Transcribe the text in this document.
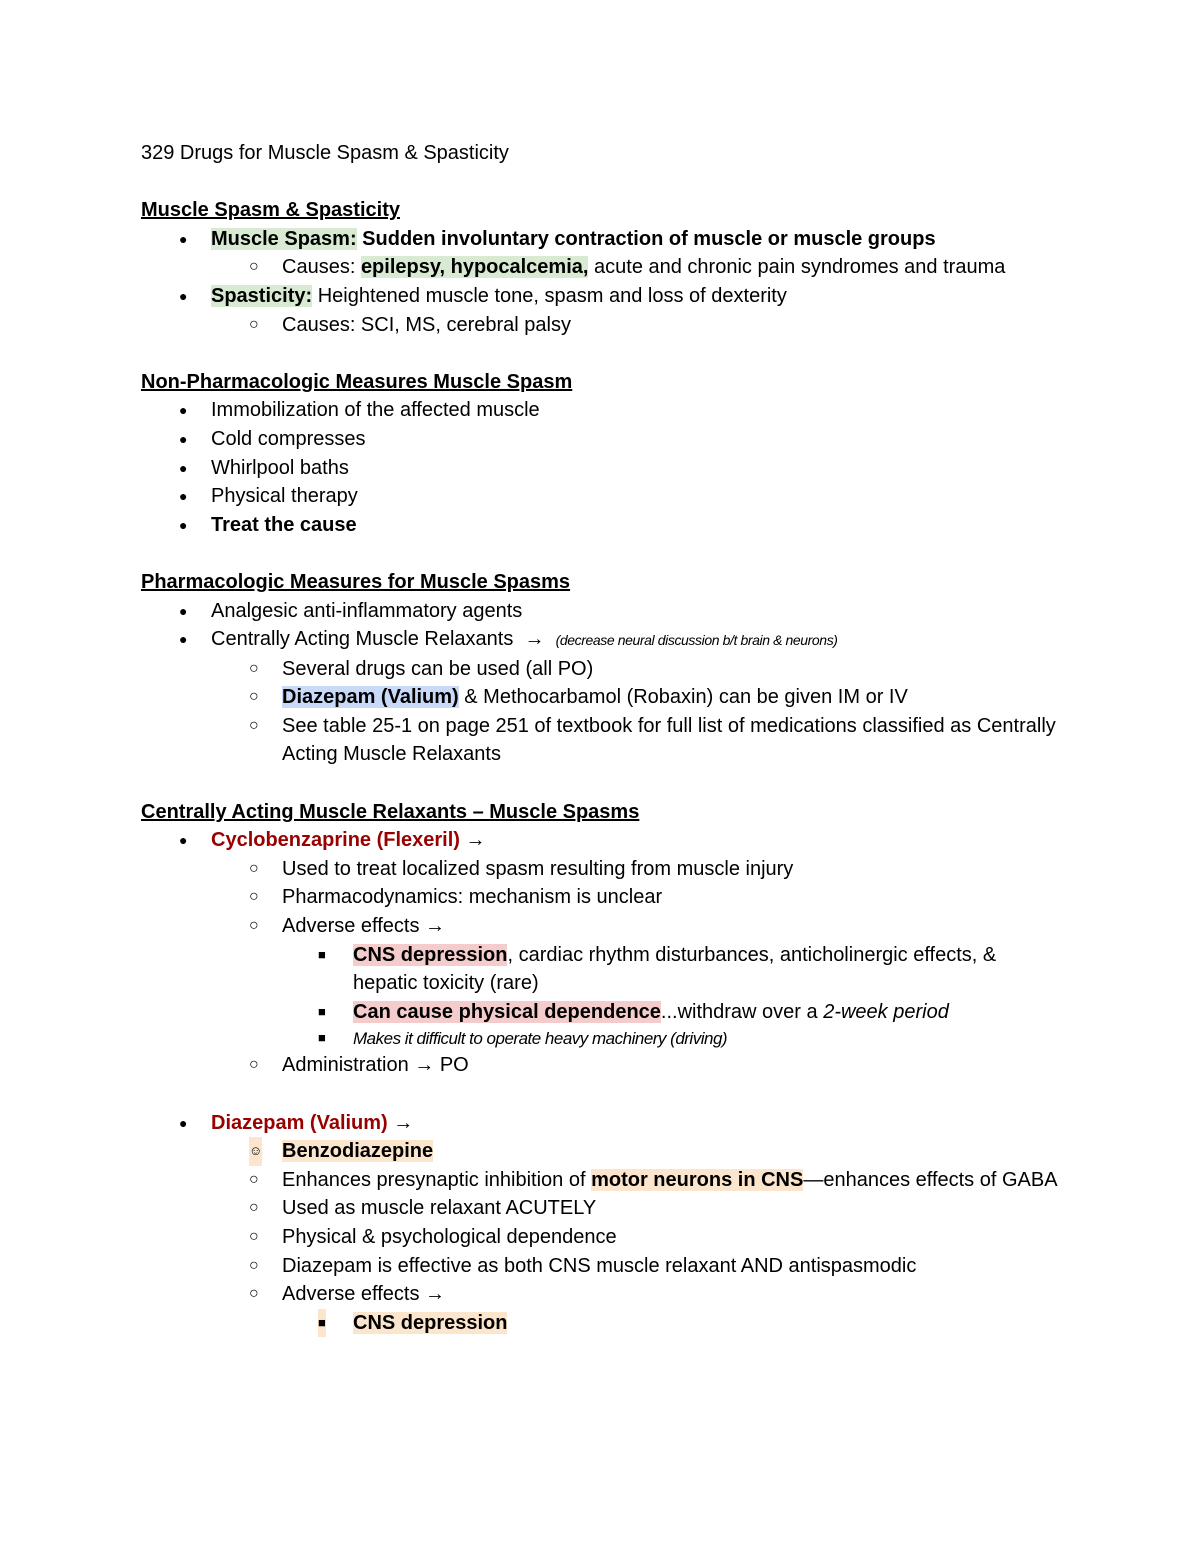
329 Drugs for Muscle Spasm & Spasticity
Muscle Spasm & Spasticity
● Muscle Spasm: Sudden involuntary contraction of muscle or muscle groups
○ Causes: epilepsy, hypocalcemia, acute and chronic pain syndromes and trauma
● Spasticity: Heightened muscle tone, spasm and loss of dexterity
○ Causes: SCI, MS, cerebral palsy
Non-Pharmacologic Measures Muscle Spasm
● Immobilization of the affected muscle
● Cold compresses
● Whirlpool baths
● Physical therapy
● Treat the cause
Pharmacologic Measures for Muscle Spasms
● Analgesic anti-inflammatory agents
● Centrally Acting Muscle Relaxants  →  (decrease neural discussion b/t brain & neurons)
○ Several drugs can be used (all PO)
○ Diazepam (Valium) & Methocarbamol (Robaxin) can be given IM or IV
○ See table 25-1 on page 251 of textbook for full list of medications classified as Centrally Acting Muscle Relaxants
Centrally Acting Muscle Relaxants – Muscle Spasms
● Cyclobenzaprine (Flexeril) →
○ Used to treat localized spasm resulting from muscle injury
○ Pharmacodynamics: mechanism is unclear
○ Adverse effects →
■ CNS depression, cardiac rhythm disturbances, anticholinergic effects, & hepatic toxicity (rare)
■ Can cause physical dependence...withdraw over a 2-week period
■ Makes it difficult to operate heavy machinery (driving)
○ Administration → PO
● Diazepam (Valium) →
☺ Benzodiazepine
○ Enhances presynaptic inhibition of motor neurons in CNS—enhances effects of GABA
○ Used as muscle relaxant ACUTELY
○ Physical & psychological dependence
○ Diazepam is effective as both CNS muscle relaxant AND antispasmodic
○ Adverse effects →
■ CNS depression
